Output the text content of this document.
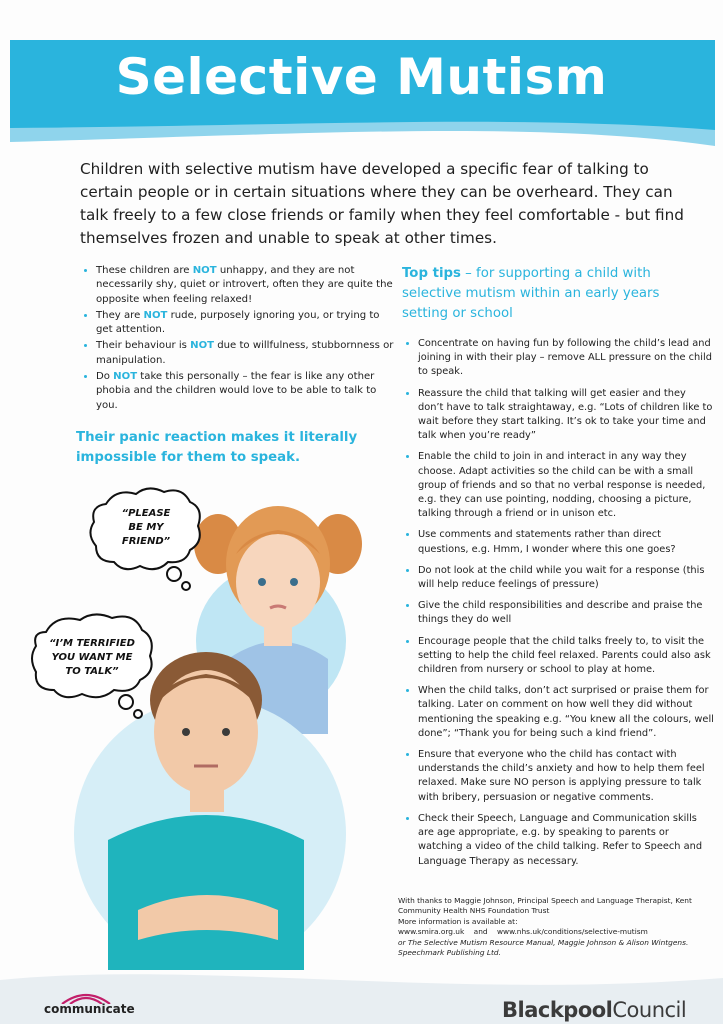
Selective Mutism
Children with selective mutism have developed a specific fear of talking to certain people or in certain situations where they can be overheard. They can talk freely to a few close friends or family when they feel comfortable - but find themselves frozen and unable to speak at other times.
• These children are NOT unhappy, and they are not necessarily shy, quiet or introvert, often they are quite the opposite when feeling relaxed!
• They are NOT rude, purposely ignoring you, or trying to get attention.
• Their behaviour is NOT due to willfulness, stubbornness or manipulation.
• Do NOT take this personally – the fear is like any other phobia and the children would love to be able to talk to you.
Their panic reaction makes it literally impossible for them to speak.
Top tips – for supporting a child with selective mutism within an early years setting or school
• Concentrate on having fun by following the child’s lead and joining in with their play – remove ALL pressure on the child to speak.
• Reassure the child that talking will get easier and they don’t have to talk straightaway, e.g. “Lots of children like to wait before they start talking. It’s ok to take your time and talk when you’re ready”
• Enable the child to join in and interact in any way they choose. Adapt activities so the child can be with a small group of friends and so that no verbal response is needed, e.g. they can use pointing, nodding, choosing a picture, talking through a friend or in unison etc.
• Use comments and statements rather than direct questions, e.g. Hmm, I wonder where this one goes?
• Do not look at the child while you wait for a response (this will help reduce feelings of pressure)
• Give the child responsibilities and describe and praise the things they do well
• Encourage people that the child talks freely to, to visit the setting to help the child feel relaxed. Parents could also ask children from nursery or school to play at home.
• When the child talks, don’t act surprised or praise them for talking. Later on comment on how well they did without mentioning the speaking e.g. “You knew all the colours, well done”; “Thank you for being such a kind friend”.
• Ensure that everyone who the child has contact with understands the child’s anxiety and how to help them feel relaxed. Make sure NO person is applying pressure to talk with bribery, persuasion or negative comments.
• Check their Speech, Language and Communication skills are age appropriate, e.g. by speaking to parents or watching a video of the child talking. Refer to Speech and Language Therapy as necessary.
With thanks to Maggie Johnson, Principal Speech and Language Therapist, Kent Community Health NHS Foundation Trust
More information is available at:
www.smira.org.uk and www.nhs.uk/conditions/selective-mutism
or The Selective Mutism Resource Manual, Maggie Johnson & Alison Wintgens. Speechmark Publishing Ltd.
“PLEASE
BE MY
FRIEND”
“I’M TERRIFIED
YOU WANT ME
TO TALK”
communicate	BlackpoolCouncil
